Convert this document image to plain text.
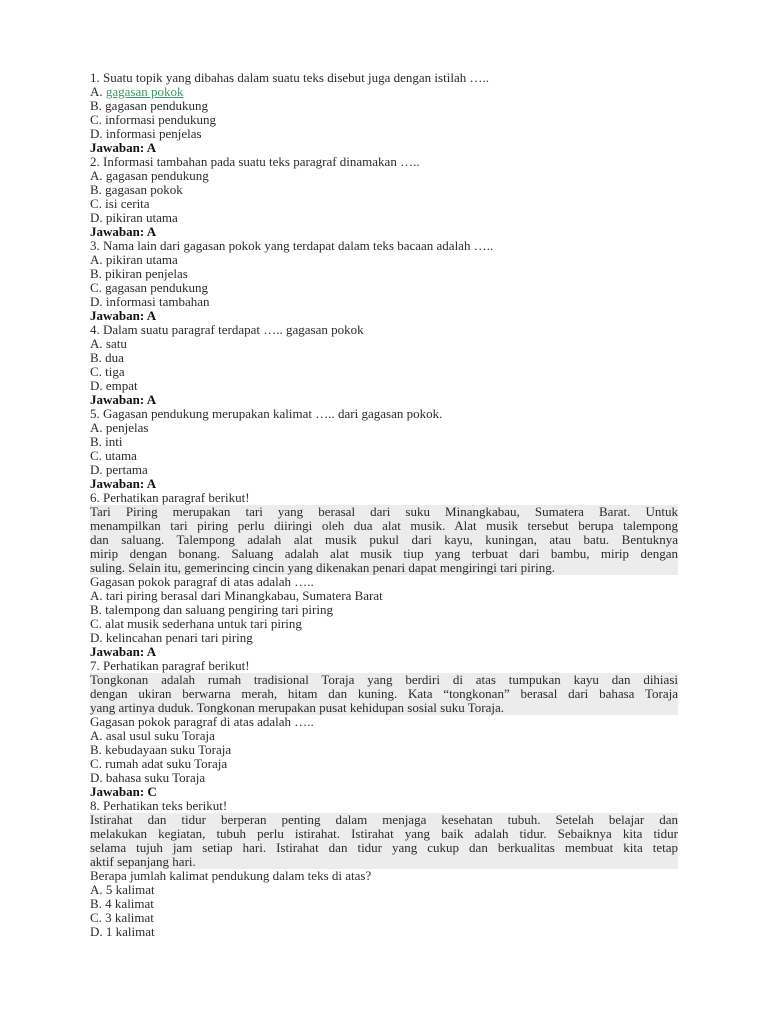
1. Suatu topik yang dibahas dalam suatu teks disebut juga dengan istilah …..
A. gagasan pokok
B. gagasan pendukung
C. informasi pendukung
D. informasi penjelas
Jawaban: A
2. Informasi tambahan pada suatu teks paragraf dinamakan …..
A. gagasan pendukung
B. gagasan pokok
C. isi cerita
D. pikiran utama
Jawaban: A
3. Nama lain dari gagasan pokok yang terdapat dalam teks bacaan adalah …..
A. pikiran utama
B. pikiran penjelas
C. gagasan pendukung
D. informasi tambahan
Jawaban: A
4. Dalam suatu paragraf terdapat ….. gagasan pokok
A. satu
B. dua
C. tiga
D. empat
Jawaban: A
5. Gagasan pendukung merupakan kalimat ….. dari gagasan pokok.
A. penjelas
B. inti
C. utama
D. pertama
Jawaban: A
6. Perhatikan paragraf berikut!
Tari Piring merupakan tari yang berasal dari suku Minangkabau, Sumatera Barat. Untuk
menampilkan tari piring perlu diiringi oleh dua alat musik. Alat musik tersebut berupa talempong
dan saluang. Talempong adalah alat musik pukul dari kayu, kuningan, atau batu. Bentuknya
mirip dengan bonang. Saluang adalah alat musik tiup yang terbuat dari bambu, mirip dengan
suling. Selain itu, gemerincing cincin yang dikenakan penari dapat mengiringi tari piring.
Gagasan pokok paragraf di atas adalah …..
A. tari piring berasal dari Minangkabau, Sumatera Barat
B. talempong dan saluang pengiring tari piring
C. alat musik sederhana untuk tari piring
D. kelincahan penari tari piring
Jawaban: A
7. Perhatikan paragraf berikut!
Tongkonan adalah rumah tradisional Toraja yang berdiri di atas tumpukan kayu dan dihiasi
dengan ukiran berwarna merah, hitam dan kuning. Kata “tongkonan” berasal dari bahasa Toraja
yang artinya duduk. Tongkonan merupakan pusat kehidupan sosial suku Toraja.
Gagasan pokok paragraf di atas adalah …..
A. asal usul suku Toraja
B. kebudayaan suku Toraja
C. rumah adat suku Toraja
D. bahasa suku Toraja
Jawaban: C
8. Perhatikan teks berikut!
Istirahat dan tidur berperan penting dalam menjaga kesehatan tubuh. Setelah belajar dan
melakukan kegiatan, tubuh perlu istirahat. Istirahat yang baik adalah tidur. Sebaiknya kita tidur
selama tujuh jam setiap hari. Istirahat dan tidur yang cukup dan berkualitas membuat kita tetap
aktif sepanjang hari.
Berapa jumlah kalimat pendukung dalam teks di atas?
A. 5 kalimat
B. 4 kalimat
C. 3 kalimat
D. 1 kalimat
